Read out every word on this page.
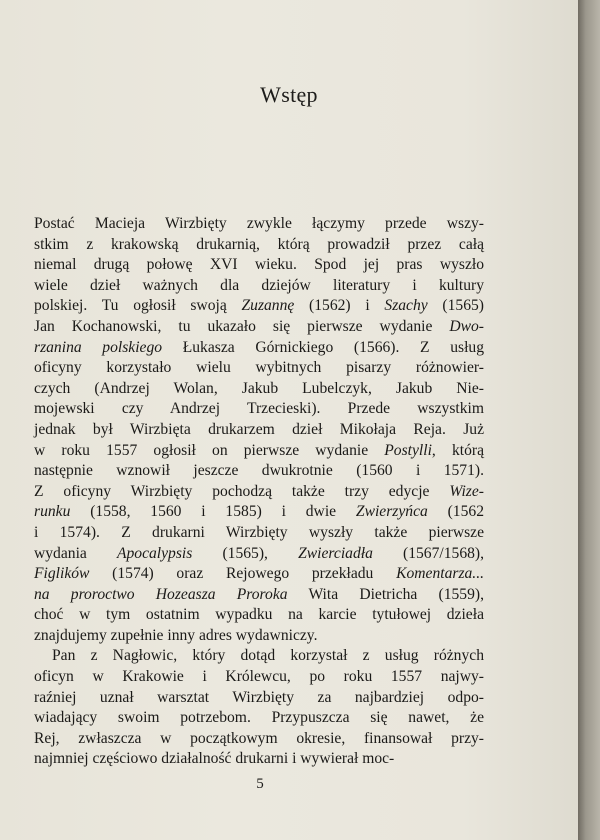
Wstęp
Postać Macieja Wirzbięty zwykle łączymy przede wszy-
stkim z krakowską drukarnią, którą prowadził przez całą
niemal drugą połowę XVI wieku. Spod jej pras wyszło
wiele dzieł ważnych dla dziejów literatury i kultury
polskiej. Tu ogłosił swoją Zuzannę (1562) i Szachy (1565)
Jan Kochanowski, tu ukazało się pierwsze wydanie Dwo-
rzanina polskiego Łukasza Górnickiego (1566). Z usług
oficyny korzystało wielu wybitnych pisarzy różnowier-
czych (Andrzej Wolan, Jakub Lubelczyk, Jakub Nie-
mojewski czy Andrzej Trzecieski). Przede wszystkim
jednak był Wirzbięta drukarzem dzieł Mikołaja Reja. Już
w roku 1557 ogłosił on pierwsze wydanie Postylli, którą
następnie wznowił jeszcze dwukrotnie (1560 i 1571).
Z oficyny Wirzbięty pochodzą także trzy edycje Wize-
runku (1558, 1560 i 1585) i dwie Zwierzyńca (1562
i 1574). Z drukarni Wirzbięty wyszły także pierwsze
wydania Apocalypsis (1565), Zwierciadła (1567/1568),
Figlików (1574) oraz Rejowego przekładu Komentarza...
na proroctwo Hozeasza Proroka Wita Dietricha (1559),
choć w tym ostatnim wypadku na karcie tytułowej dzieła
znajdujemy zupełnie inny adres wydawniczy.
Pan z Nagłowic, który dotąd korzystał z usług różnych
oficyn w Krakowie i Królewcu, po roku 1557 najwy-
raźniej uznał warsztat Wirzbięty za najbardziej odpo-
wiadający swoim potrzebom. Przypuszcza się nawet, że
Rej, zwłaszcza w początkowym okresie, finansował przy-
najmniej częściowo działalność drukarni i wywierał moc-
5
